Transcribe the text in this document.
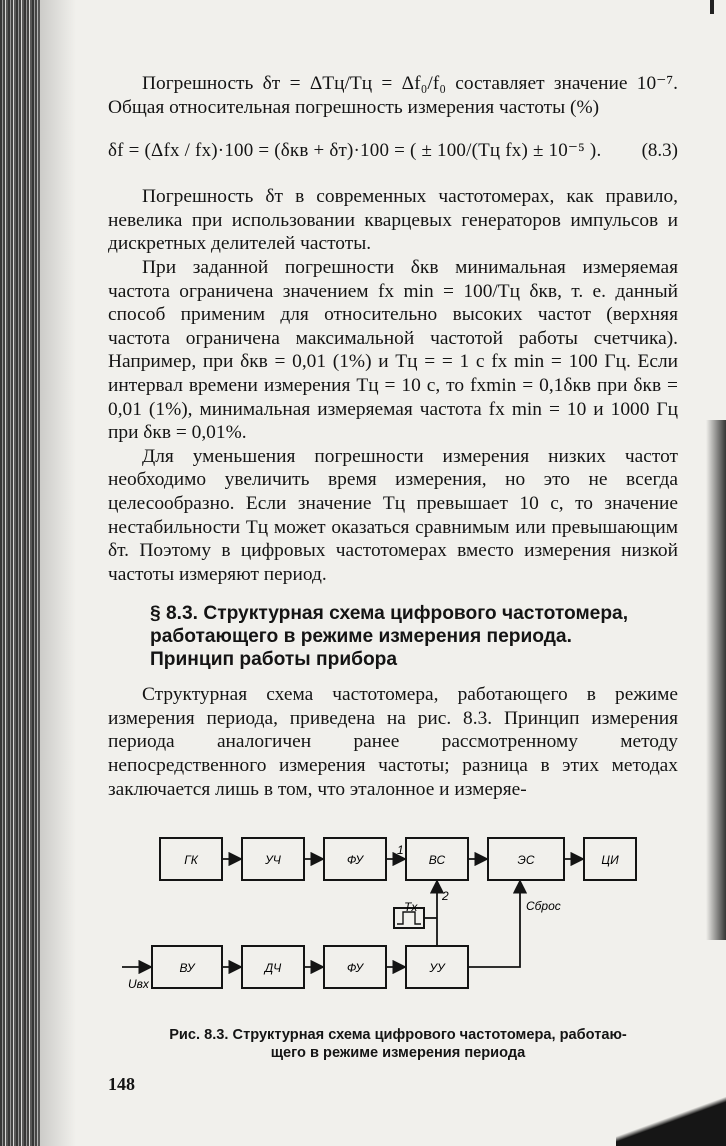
Погрешность δт = ΔTц/Tц = Δf₀/f₀ составляет значение 10⁻⁷. Общая относительная погрешность измерения частоты (%)

δf = (Δfx / fx)·100 = (δкв + δт)·100 = ( ± 100/(Tц fx) ± 10⁻⁵ ). (8.3)

Погрешность δт в современных частотомерах, как правило, невелика при использовании кварцевых генераторов импульсов и дискретных делителей частоты.

При заданной погрешности δкв минимальная измеряемая частота ограничена значением fx min = 100/Tц δкв, т. е. данный способ применим для относительно высоких частот (верхняя частота ограничена максимальной частотой работы счетчика). Например, при δкв = 0,01 (1%) и Tц = = 1 с fx min = 100 Гц. Если интервал времени измерения Tц = 10 с, то fxmin = 0,1δкв при δкв = 0,01 (1%), минимальная измеряемая частота fx min = 10 и 1000 Гц при δкв = 0,01%.

Для уменьшения погрешности измерения низких частот необходимо увеличить время измерения, но это не всегда целесообразно. Если значение Tц превышает 10 с, то значение нестабильности Tц может оказаться сравнимым или превышающим δт. Поэтому в цифровых частотомерах вместо измерения низкой частоты измеряют период.

§ 8.3. Структурная схема цифрового частотомера,
работающего в режиме измерения периода.
Принцип работы прибора

Структурная схема частотомера, работающего в режиме измерения периода, приведена на рис. 8.3. Принцип измерения периода аналогичен ранее рассмотренному методу непосредственного измерения частоты; разница в этих методах заключается лишь в том, что эталонное и измеряе-

ГК	УЧ	ФУ	ВС	ЭС	ЦИ
ВУ	ДЧ	ФУ	УУ
Uвх
Tx	Сброс
1
2
Рис. 8.3. Структурная схема цифрового частотомера, работаю-
щего в режиме измерения периода
148
